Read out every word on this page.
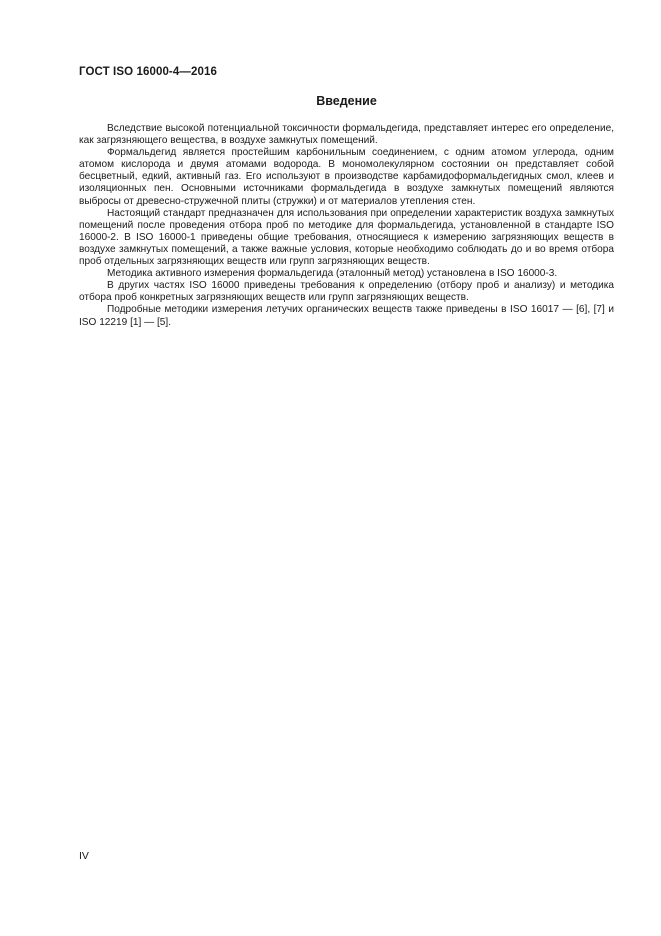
ГОСТ ISO 16000-4—2016
Введение

Вследствие высокой потенциальной токсичности формальдегида, представляет интерес его определение, как загрязняющего вещества, в воздухе замкнутых помещений.

Формальдегид является простейшим карбонильным соединением, с одним атомом углерода, одним атомом кислорода и двумя атомами водорода. В мономолекулярном состоянии он представляет собой бесцветный, едкий, активный газ. Его используют в производстве карбамидоформальдегидных смол, клеев и изоляционных пен. Основными источниками формальдегида в воздухе замкнутых помещений являются выбросы от древесно-стружечной плиты (стружки) и от материалов утепления стен.

Настоящий стандарт предназначен для использования при определении характеристик воздуха замкнутых помещений после проведения отбора проб по методике для формальдегида, установленной в стандарте ISO 16000-2. В ISO 16000-1 приведены общие требования, относящиеся к измерению загрязняющих веществ в воздухе замкнутых помещений, а также важные условия, которые необходимо соблюдать до и во время отбора проб отдельных загрязняющих веществ или групп загрязняющих веществ.

Методика активного измерения формальдегида (эталонный метод) установлена в ISO 16000-3.

В других частях ISO 16000 приведены требования к определению (отбору проб и анализу) и методика отбора проб конкретных загрязняющих веществ или групп загрязняющих веществ.

Подробные методики измерения летучих органических веществ также приведены в ISO 16017 — [6], [7] и ISO 12219 [1] — [5].

IV
